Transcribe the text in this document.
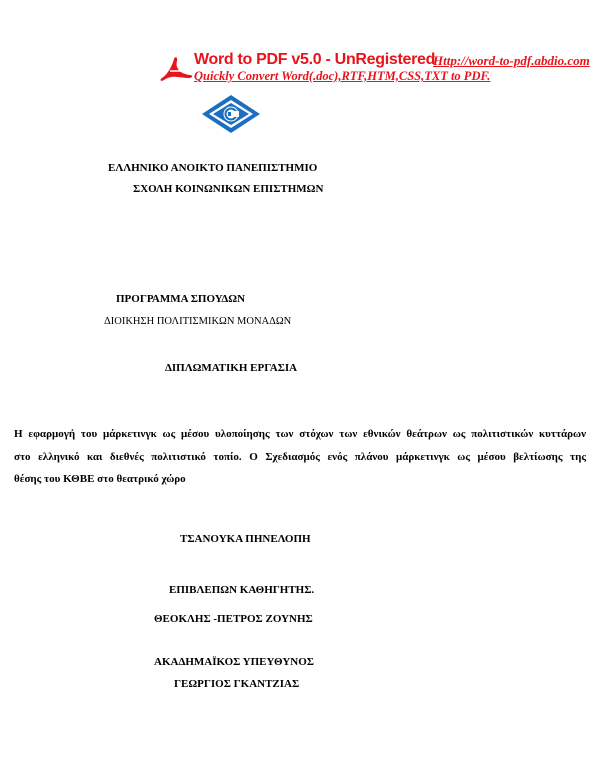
Word to PDF v5.0 - UnRegistered
Http://word-to-pdf.abdio.com
Quickly Convert Word(.doc),RTF,HTM,CSS,TXT to PDF.
ΕΛΛΗΝΙΚΟ ΑΝΟΙΚΤΟ ΠΑΝΕΠΙΣΤΗΜΙΟ
ΣΧΟΛΗ ΚΟΙΝΩΝΙΚΩΝ ΕΠΙΣΤΗΜΩΝ
ΠΡΟΓΡΑΜΜΑ ΣΠΟΥΔΩΝ
ΔΙΟΙΚΗΣΗ ΠΟΛΙΤΙΣΜΙΚΩΝ ΜΟΝΑΔΩΝ
ΔΙΠΛΩΜΑΤΙΚΗ ΕΡΓΑΣΙΑ
Η εφαρμογή του μάρκετινγκ ως μέσου υλοποίησης των στόχων των εθνικών θεάτρων ως πολιτιστικών κυττάρων
στο ελληνικό και διεθνές πολιτιστικό τοπίο. Ο Σχεδιασμός ενός πλάνου μάρκετινγκ ως μέσου βελτίωσης της
θέσης του ΚΘΒΕ στο θεατρικό χώρο
ΤΣΑΝΟΥΚΑ ΠΗΝΕΛΟΠΗ
ΕΠΙΒΛΕΠΩΝ ΚΑΘΗΓΗΤΗΣ.
ΘΕΟΚΛΗΣ -ΠΕΤΡΟΣ ΖΟΥΝΗΣ
ΑΚΑΔΗΜΑΪΚΟΣ ΥΠΕΥΘΥΝΟΣ
ΓΕΩΡΓΙΟΣ ΓΚΑΝΤΖΙΑΣ
